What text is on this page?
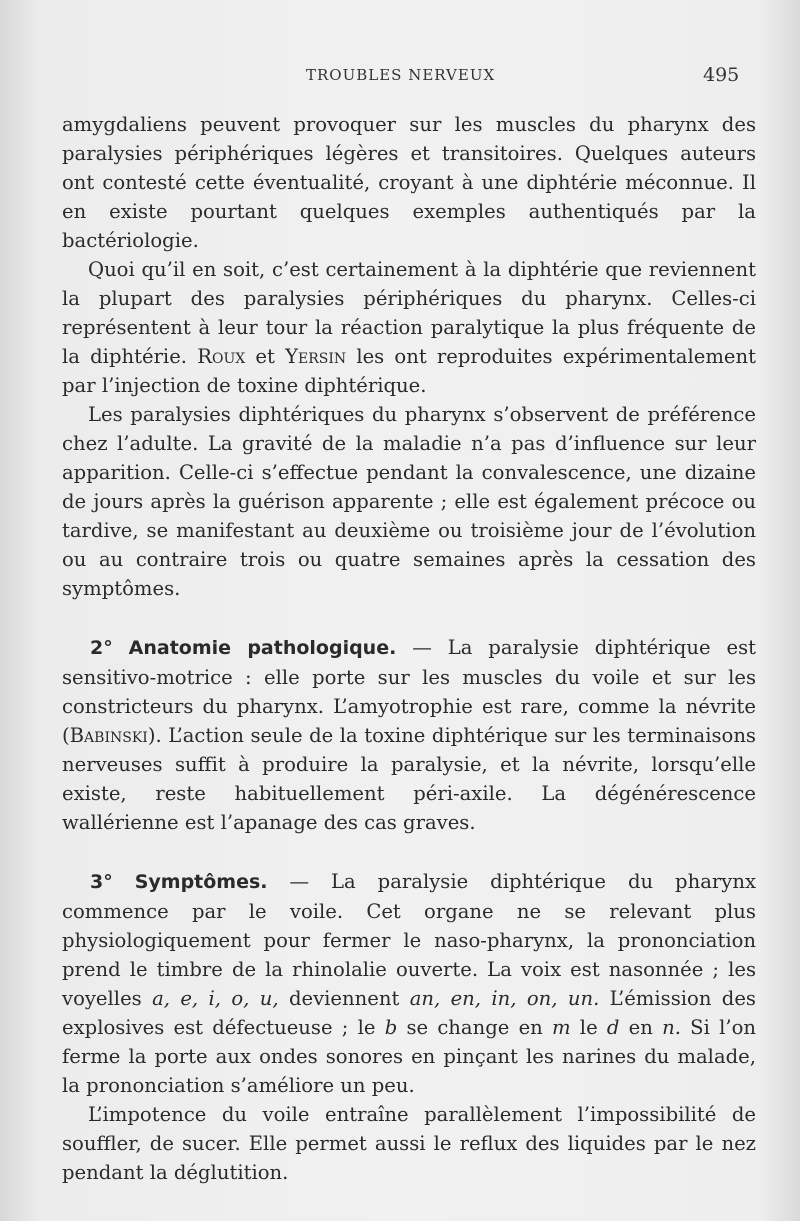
TROUBLES NERVEUX	495

amygdaliens peuvent provoquer sur les muscles du pharynx des paralysies périphériques légères et transitoires. Quelques auteurs ont contesté cette éventualité, croyant à une diphtérie méconnue. Il en existe pourtant quelques exemples authentiqués par la bactériologie.

Quoi qu’il en soit, c’est certainement à la diphtérie que reviennent la plupart des paralysies périphériques du pharynx. Celles-ci représentent à leur tour la réaction paralytique la plus fréquente de la diphtérie. Roux et Yersin les ont reproduites expérimentalement par l’injection de toxine diphtérique.

Les paralysies diphtériques du pharynx s’observent de préférence chez l’adulte. La gravité de la maladie n’a pas d’influence sur leur apparition. Celle-ci s’effectue pendant la convalescence, une dizaine de jours après la guérison apparente ; elle est également précoce ou tardive, se manifestant au deuxième ou troisième jour de l’évolution ou au contraire trois ou quatre semaines après la cessation des symptômes.

2° Anatomie pathologique. — La paralysie diphtérique est sensitivo-motrice : elle porte sur les muscles du voile et sur les constricteurs du pharynx. L’amyotrophie est rare, comme la névrite (Babinski). L’action seule de la toxine diphtérique sur les terminaisons nerveuses suffit à produire la paralysie, et la névrite, lorsqu’elle existe, reste habituellement péri-axile. La dégénérescence wallérienne est l’apanage des cas graves.

3° Symptômes. — La paralysie diphtérique du pharynx commence par le voile. Cet organe ne se relevant plus physiologiquement pour fermer le naso-pharynx, la prononciation prend le timbre de la rhinolalie ouverte. La voix est nasonnée ; les voyelles a, e, i, o, u, deviennent an, en, in, on, un. L’émission des explosives est défectueuse ; le b se change en m le d en n. Si l’on ferme la porte aux ondes sonores en pinçant les narines du malade, la prononciation s’améliore un peu.

L’impotence du voile entraîne parallèlement l’impossibilité de souffler, de sucer. Elle permet aussi le reflux des liquides par le nez pendant la déglutition.
